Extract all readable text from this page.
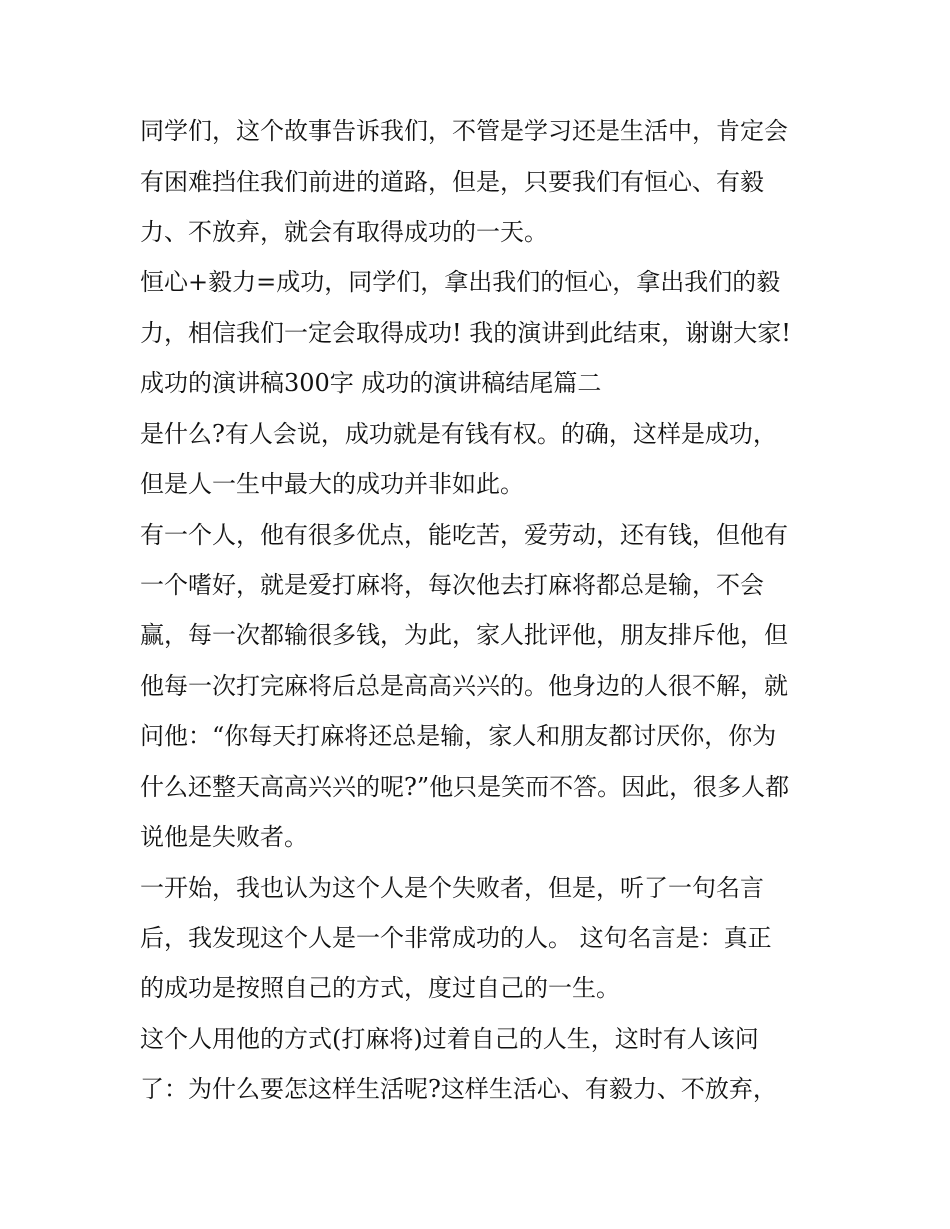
同学们，这个故事告诉我们，不管是学习还是生活中，肯定会
有困难挡住我们前进的道路，但是，只要我们有恒心、有毅
力、不放弃，就会有取得成功的一天。
恒心+毅力=成功，同学们，拿出我们的恒心，拿出我们的毅
力，相信我们一定会取得成功! 我的演讲到此结束，谢谢大家!
成功的演讲稿300字 成功的演讲稿结尾篇二
是什么?有人会说，成功就是有钱有权。的确，这样是成功，
但是人一生中最大的成功并非如此。
有一个人，他有很多优点，能吃苦，爱劳动，还有钱，但他有
一个嗜好，就是爱打麻将，每次他去打麻将都总是输，不会
赢，每一次都输很多钱，为此，家人批评他，朋友排斥他，但
他每一次打完麻将后总是高高兴兴的。他身边的人很不解，就
问他：“你每天打麻将还总是输，家人和朋友都讨厌你，你为
什么还整天高高兴兴的呢?”他只是笑而不答。因此，很多人都
说他是失败者。
一开始，我也认为这个人是个失败者，但是，听了一句名言
后，我发现这个人是一个非常成功的人。 这句名言是：真正
的成功是按照自己的方式，度过自己的一生。
这个人用他的方式(打麻将)过着自己的人生，这时有人该问
了：为什么要怎这样生活呢?这样生活心、有毅力、不放弃，
